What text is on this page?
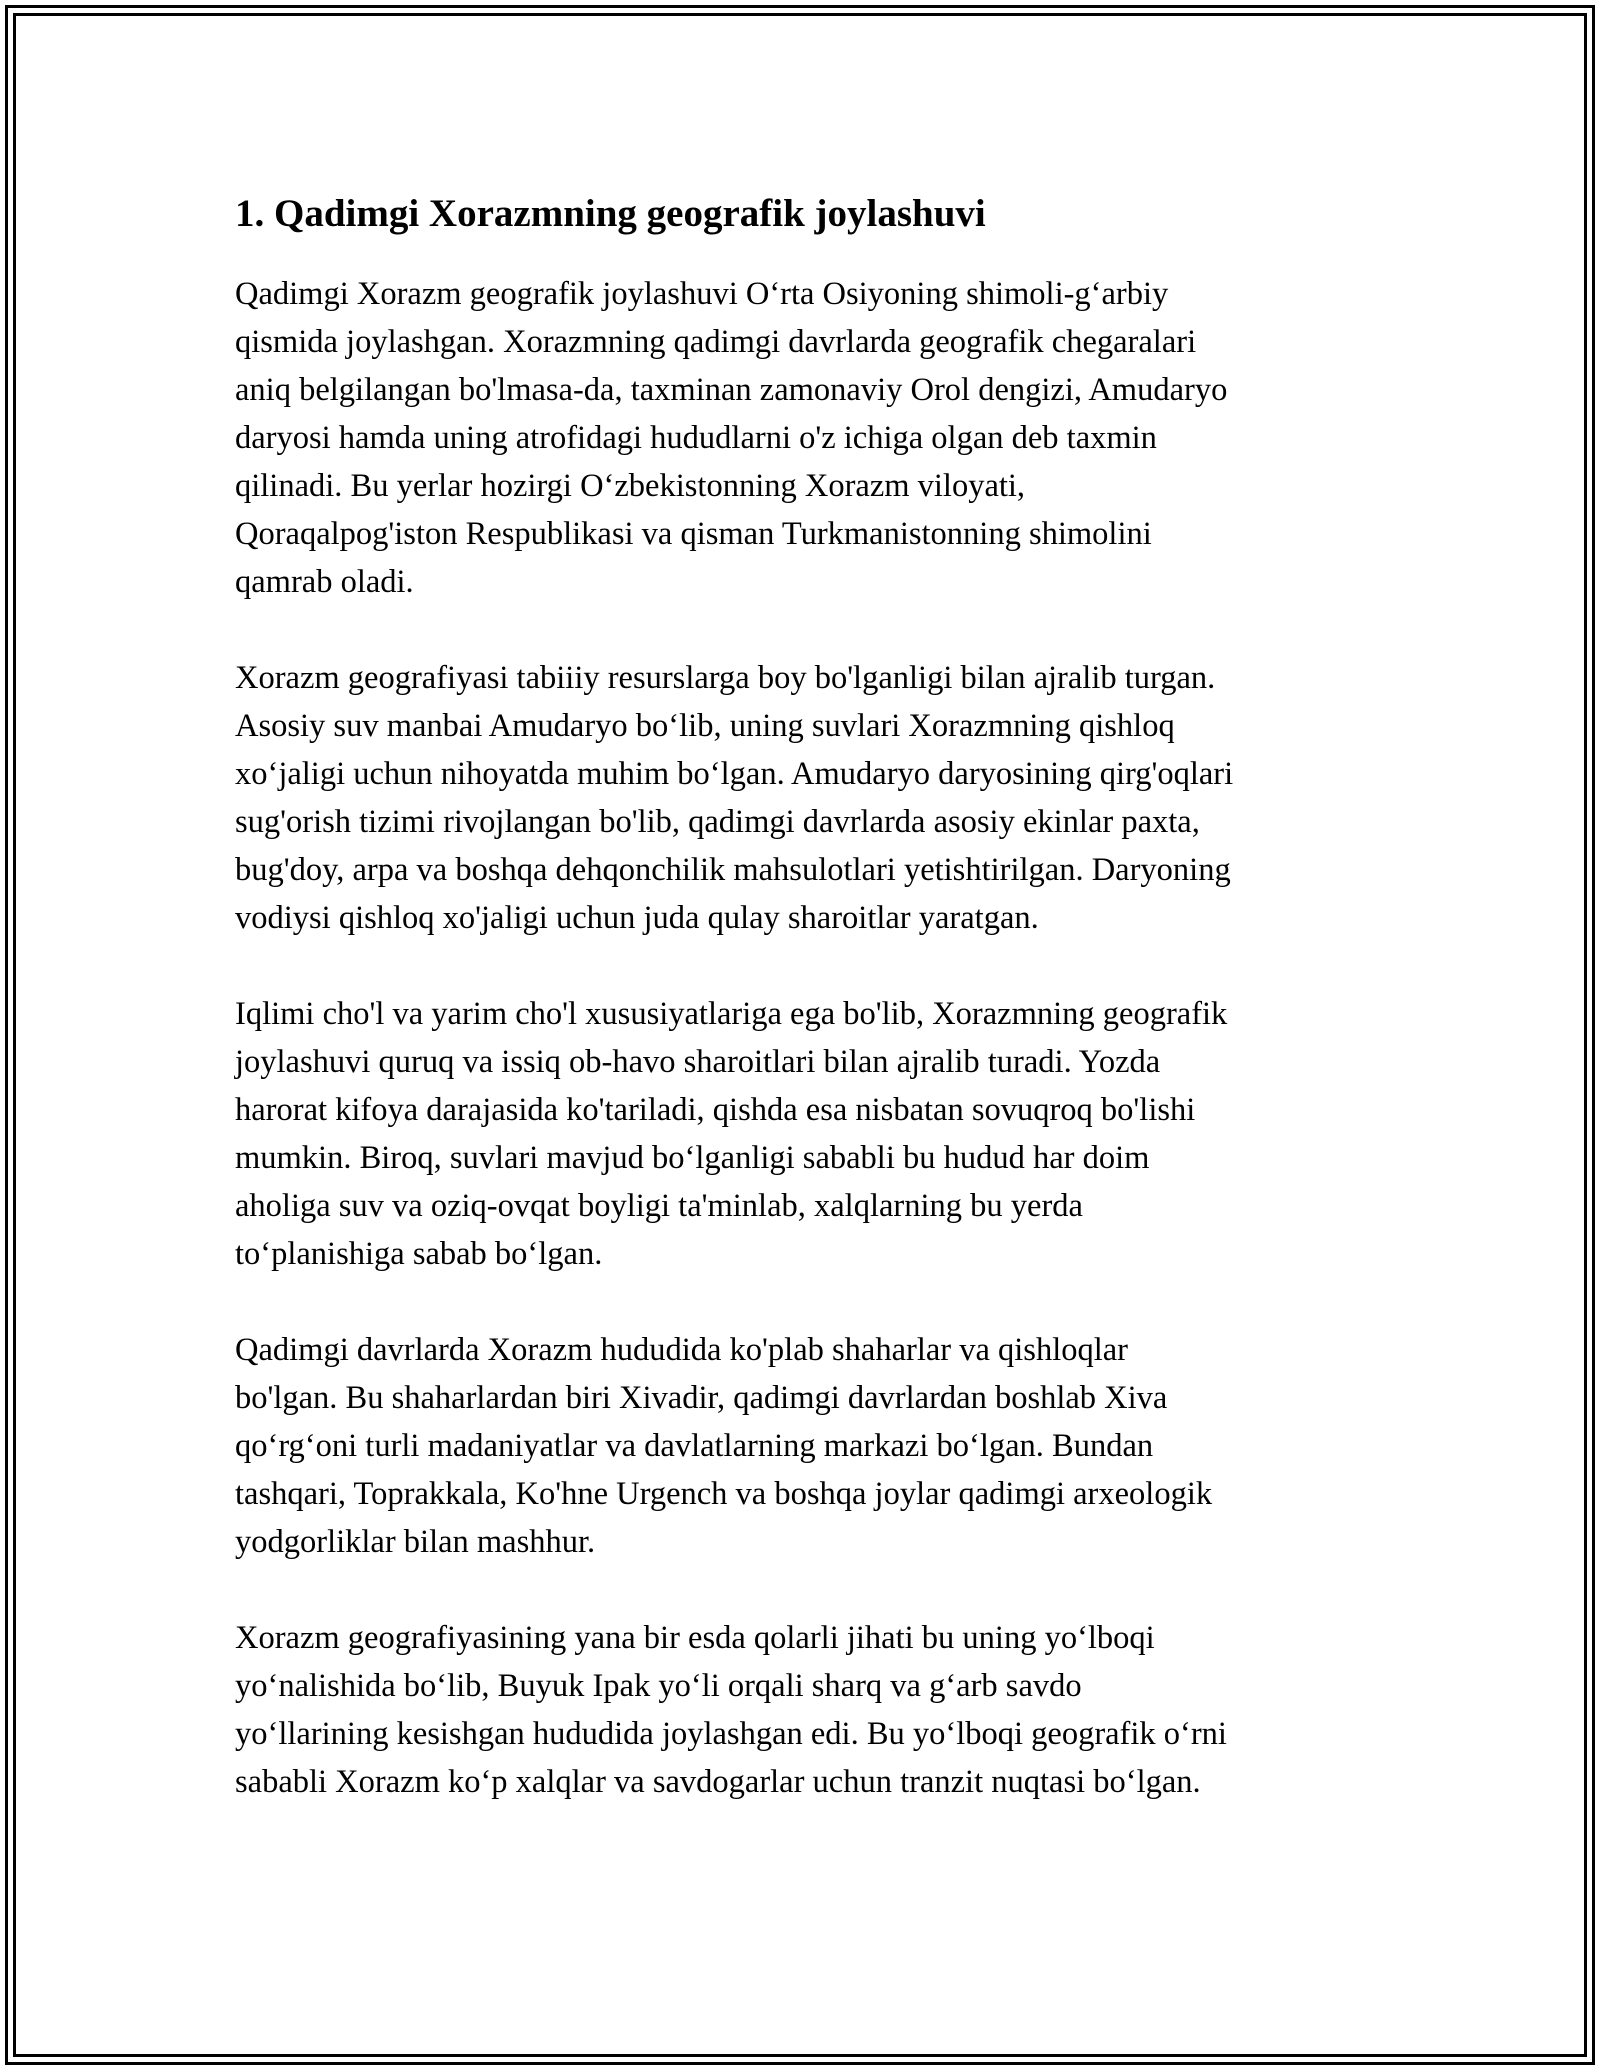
1. Qadimgi Xorazmning geografik joylashuvi

Qadimgi Xorazm geografik joylashuvi O‘rta Osiyoning shimoli-g‘arbiy
qismida joylashgan. Xorazmning qadimgi davrlarda geografik chegaralari
aniq belgilangan bo'lmasa-da, taxminan zamonaviy Orol dengizi, Amudaryo
daryosi hamda uning atrofidagi hududlarni o'z ichiga olgan deb taxmin
qilinadi. Bu yerlar hozirgi O‘zbekistonning Xorazm viloyati,
Qoraqalpog'iston Respublikasi va qisman Turkmanistonning shimolini
qamrab oladi.

Xorazm geografiyasi tabiiiy resurslarga boy bo'lganligi bilan ajralib turgan.
Asosiy suv manbai Amudaryo bo‘lib, uning suvlari Xorazmning qishloq
xo‘jaligi uchun nihoyatda muhim bo‘lgan. Amudaryo daryosining qirg'oqlari
sug'orish tizimi rivojlangan bo'lib, qadimgi davrlarda asosiy ekinlar paxta,
bug'doy, arpa va boshqa dehqonchilik mahsulotlari yetishtirilgan. Daryoning
vodiysi qishloq xo'jaligi uchun juda qulay sharoitlar yaratgan.

Iqlimi cho'l va yarim cho'l xususiyatlariga ega bo'lib, Xorazmning geografik
joylashuvi quruq va issiq ob-havo sharoitlari bilan ajralib turadi. Yozda
harorat kifoya darajasida ko'tariladi, qishda esa nisbatan sovuqroq bo'lishi
mumkin. Biroq, suvlari mavjud bo‘lganligi sababli bu hudud har doim
aholiga suv va oziq-ovqat boyligi ta'minlab, xalqlarning bu yerda
to‘planishiga sabab bo‘lgan.

Qadimgi davrlarda Xorazm hududida ko'plab shaharlar va qishloqlar
bo'lgan. Bu shaharlardan biri Xivadir, qadimgi davrlardan boshlab Xiva
qo‘rg‘oni turli madaniyatlar va davlatlarning markazi bo‘lgan. Bundan
tashqari, Toprakkala, Ko'hne Urgench va boshqa joylar qadimgi arxeologik
yodgorliklar bilan mashhur.

Xorazm geografiyasining yana bir esda qolarli jihati bu uning yo‘lboqi
yo‘nalishida bo‘lib, Buyuk Ipak yo‘li orqali sharq va g‘arb savdo
yo‘llarining kesishgan hududida joylashgan edi. Bu yo‘lboqi geografik o‘rni
sababli Xorazm ko‘p xalqlar va savdogarlar uchun tranzit nuqtasi bo‘lgan.
